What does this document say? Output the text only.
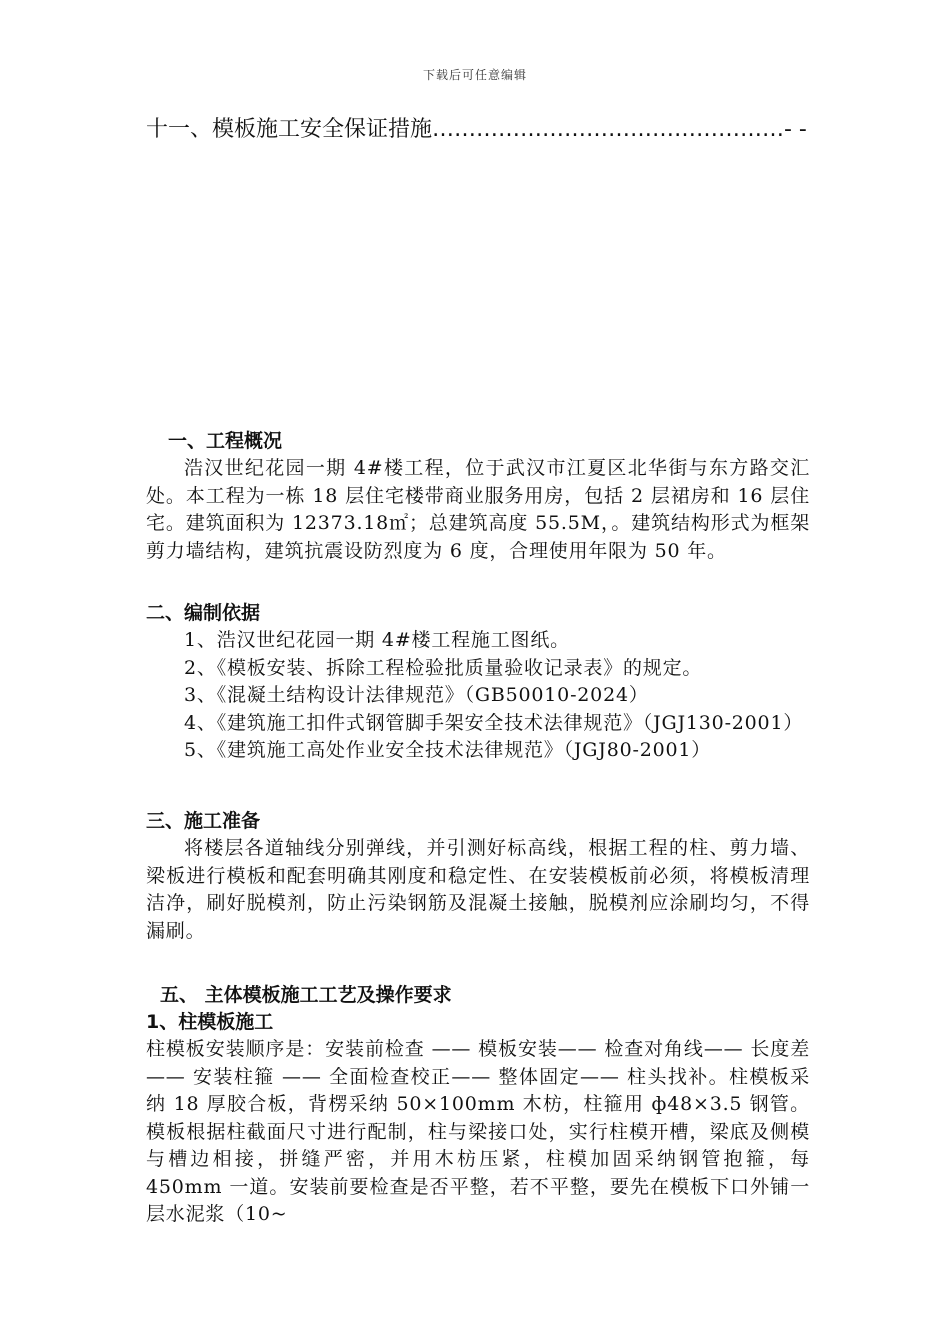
下载后可任意编辑
十一、模板施工安全保证措施…………………………………………- -

一、工程概况

浩汉世纪花园一期 4#楼工程，位于武汉市江夏区北华街与东方路交汇处。本工程为一栋 18 层住宅楼带商业服务用房，包括 2 层裙房和 16 层住宅。建筑面积为 12373.18㎡；总建筑高度 55.5M，。建筑结构形式为框架剪力墙结构，建筑抗震设防烈度为 6 度，合理使用年限为 50 年。

二、编制依据

1、浩汉世纪花园一期 4#楼工程施工图纸。

2、《模板安装、拆除工程检验批质量验收记录表》的规定。

3、《混凝土结构设计法律规范》（GB50010-2024）

4、《建筑施工扣件式钢管脚手架安全技术法律规范》（JGJ130-2001）

5、《建筑施工高处作业安全技术法律规范》（JGJ80-2001）

三、施工准备

将楼层各道轴线分别弹线，并引测好标高线，根据工程的柱、剪力墙、梁板进行模板和配套明确其刚度和稳定性、在安装模板前必须，将模板清理洁净，刷好脱模剂，防止污染钢筋及混凝土接触，脱模剂应涂刷均匀，不得漏刷。

五、 主体模板施工工艺及操作要求

1、柱模板施工

柱模板安装顺序是：安装前检查 —— 模板安装—— 检查对角线—— 长度差 —— 安装柱箍 —— 全面检查校正—— 整体固定—— 柱头找补。柱模板采纳 18 厚胶合板，背楞采纳 50×100mm 木枋，柱箍用 ф48×3.5 钢管。模板根据柱截面尺寸进行配制，柱与梁接口处，实行柱模开槽，梁底及侧模与槽边相接，拼缝严密，并用木枋压紧，柱模加固采纳钢管抱箍，每 450mm 一道。安装前要检查是否平整，若不平整，要先在模板下口外铺一层水泥浆（10~
